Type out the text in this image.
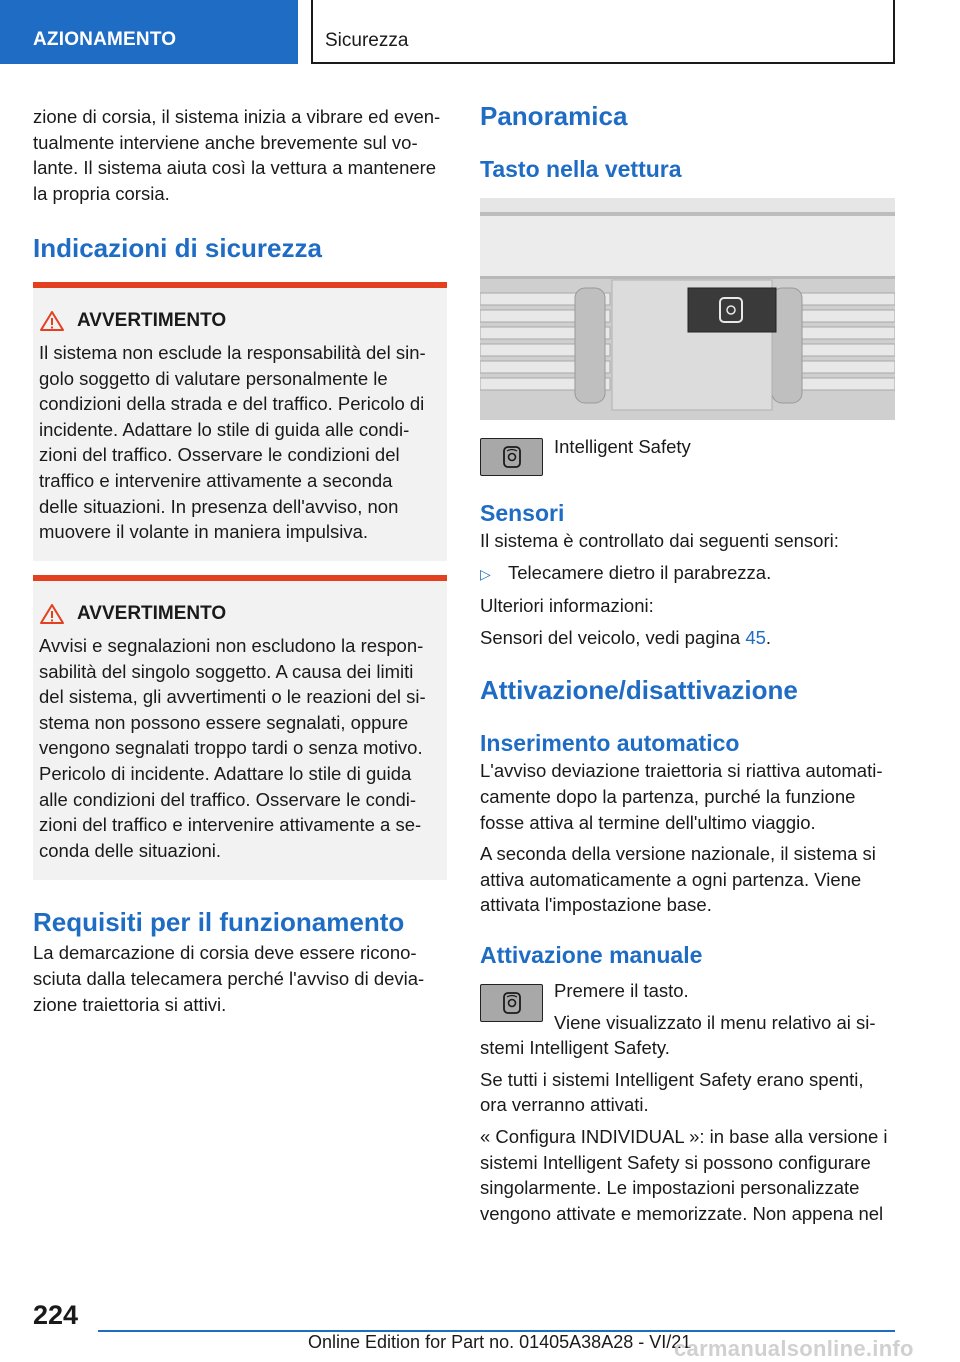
AZIONAMENTO	Sicurezza

zione di corsia, il sistema inizia a vibrare ed eventualmente interviene anche brevemente sul volante. Il sistema aiuta così la vettura a mantenere la propria corsia.

Indicazioni di sicurezza
AVVERTIMENTO
Il sistema non esclude la responsabilità del singolo soggetto di valutare personalmente le condizioni della strada e del traffico. Pericolo di incidente. Adattare lo stile di guida alle condizioni del traffico. Osservare le condizioni del traffico e intervenire attivamente a seconda delle situazioni. In presenza dell'avviso, non muovere il volante in maniera impulsiva.
AVVERTIMENTO
Avvisi e segnalazioni non escludono la responsabilità del singolo soggetto. A causa dei limiti del sistema, gli avvertimenti o le reazioni del sistema non possono essere segnalati, oppure vengono segnalati troppo tardi o senza motivo. Pericolo di incidente. Adattare lo stile di guida alle condizioni del traffico. Osservare le condizioni del traffico e intervenire attivamente a seconda delle situazioni.
Requisiti per il funzionamento

La demarcazione di corsia deve essere riconosciuta dalla telecamera perché l'avviso di deviazione traiettoria si attivi.

Panoramica
Tasto nella vettura
Intelligent Safety
Sensori

Il sistema è controllato dai seguenti sensori:

▷ Telecamere dietro il parabrezza.

Ulteriori informazioni:

Sensori del veicolo, vedi pagina 45.

Attivazione/disattivazione
Inserimento automatico

L'avviso deviazione traiettoria si riattiva automaticamente dopo la partenza, purché la funzione fosse attiva al termine dell'ultimo viaggio.

A seconda della versione nazionale, il sistema si attiva automaticamente a ogni partenza. Viene attivata l'impostazione base.

Attivazione manuale

Premere il tasto.

Viene visualizzato il menu relativo ai sistemi Intelligent Safety.

Se tutti i sistemi Intelligent Safety erano spenti, ora verranno attivati.

« Configura INDIVIDUAL »: in base alla versione i sistemi Intelligent Safety si possono configurare singolarmente. Le impostazioni personalizzate vengono attivate e memorizzate. Non appena nel

224
Online Edition for Part no. 01405A38A28 - VI/21
carmanualsonline.info
